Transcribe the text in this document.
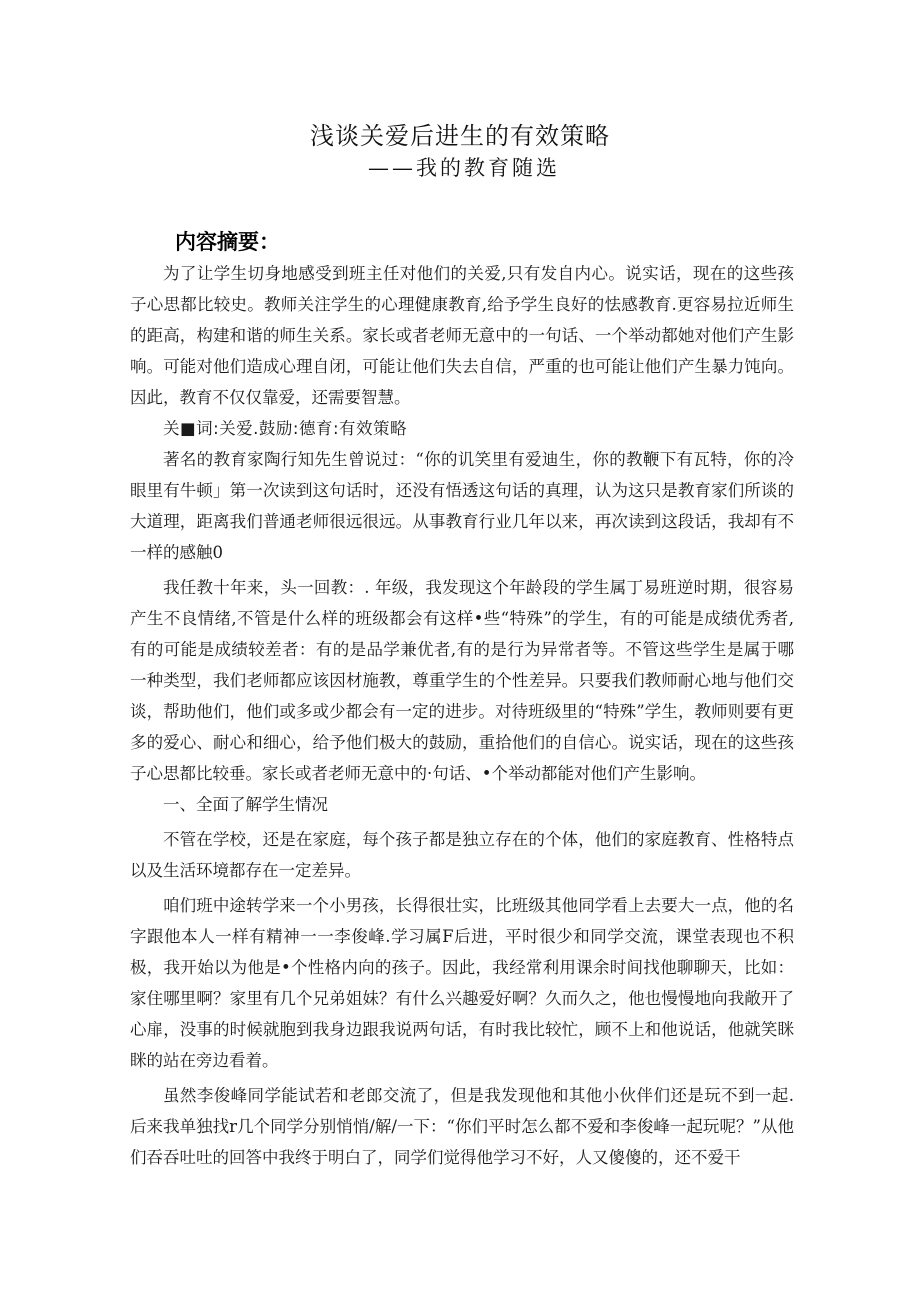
浅谈关爱后进生的有效策略
——我的教育随选
内容摘要：

为了让学生切身地感受到班主任对他们的关爱,只有发自内心。说实话，现在的这些孩子心思都比较史。教师关注学生的心理健康教育,给予学生良好的怯感教育.更容易拉近师生的距高，构建和谐的师生关系。家长或者老师无意中的一句话、一个举动都她对他们产生影响。可能对他们造成心理自闭，可能让他们失去自信，严重的也可能让他们产生暴力饨向。因此，教育不仅仅靠爱，还需要智慧。

关■词:关爱.鼓励:德育:有效策略

著名的教育家陶行知先生曾说过：“你的讥笑里有爱迪生，你的教鞭下有瓦特，你的冷眼里有牛顿」第一次读到这句话时，还没有悟透这句话的真理，认为这只是教育家们所谈的大道理，距离我们普通老师很远很远。从事教育行业几年以来，再次读到这段话，我却有不一样的感触0

我任教十年来，头一回教：. 年级，我发现这个年龄段的学生属丁易班逆时期，很容易产生不良情绪,不管是什么样的班级都会有这样•些“特殊”的学生，有的可能是成绩优秀者,有的可能是成绩较差者：有的是品学兼优者,有的是行为异常者等。不管这些学生是属于哪一种类型，我们老师都应该因材施教，尊重学生的个性差异。只要我们教师耐心地与他们交谈，帮助他们，他们或多或少都会有一定的进步。对待班级里的“特殊”学生，教师则要有更多的爱心、耐心和细心，给予他们极大的鼓励，重拾他们的自信心。说实话，现在的这些孩子心思都比较垂。家长或者老师无意中的·句话、•个举动都能对他们产生影响。

一、全面了解学生情况

不管在学校，还是在家庭，每个孩子都是独立存在的个体，他们的家庭教育、性格特点以及生活环境都存在一定差异。

咱们班中途转学来一个小男孩，长得很壮实，比班级其他同学看上去要大一点，他的名字跟他本人一样有精神一一李俊峰.学习属F后进，平时很少和同学交流，课堂表现也不积极，我开始以为他是•个性格内向的孩子。因此，我经常利用课余时间找他聊聊天，比如：家住哪里啊？家里有几个兄弟姐妹？有什么兴趣爱好啊？久而久之，他也慢慢地向我敞开了心扉，没事的时候就胞到我身边跟我说两句话，有时我比较忙，顾不上和他说话，他就笑眯眯的站在旁边看着。

虽然李俊峰同学能试若和老郎交流了，但是我发现他和其他小伙伴们还是玩不到一起.后来我单独找r几个同学分别悄悄/解/一下：“你们平时怎么都不爱和李俊峰一起玩呢？”从他们吞吞吐吐的回答中我终于明白了，同学们觉得他学习不好，人又傻傻的，还不爱干
